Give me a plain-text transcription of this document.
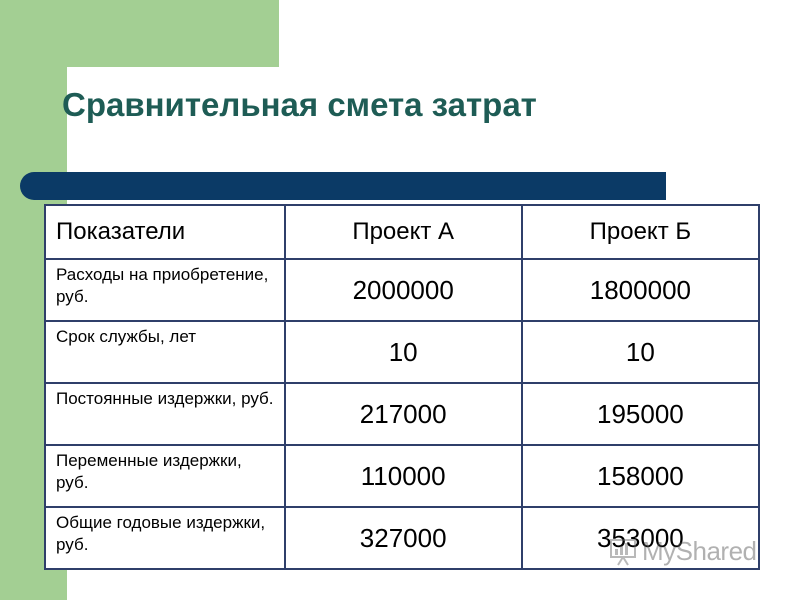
Сравнительная смета затрат
Показатели	Проект А	Проект Б
Расходы на приобретение, руб.	2000000	1800000
Срок службы, лет	10	10
Постоянные издержки, руб.	217000	195000
Переменные издержки, руб.	110000	158000
Общие годовые издержки, руб.	327000	353000
MyShared
